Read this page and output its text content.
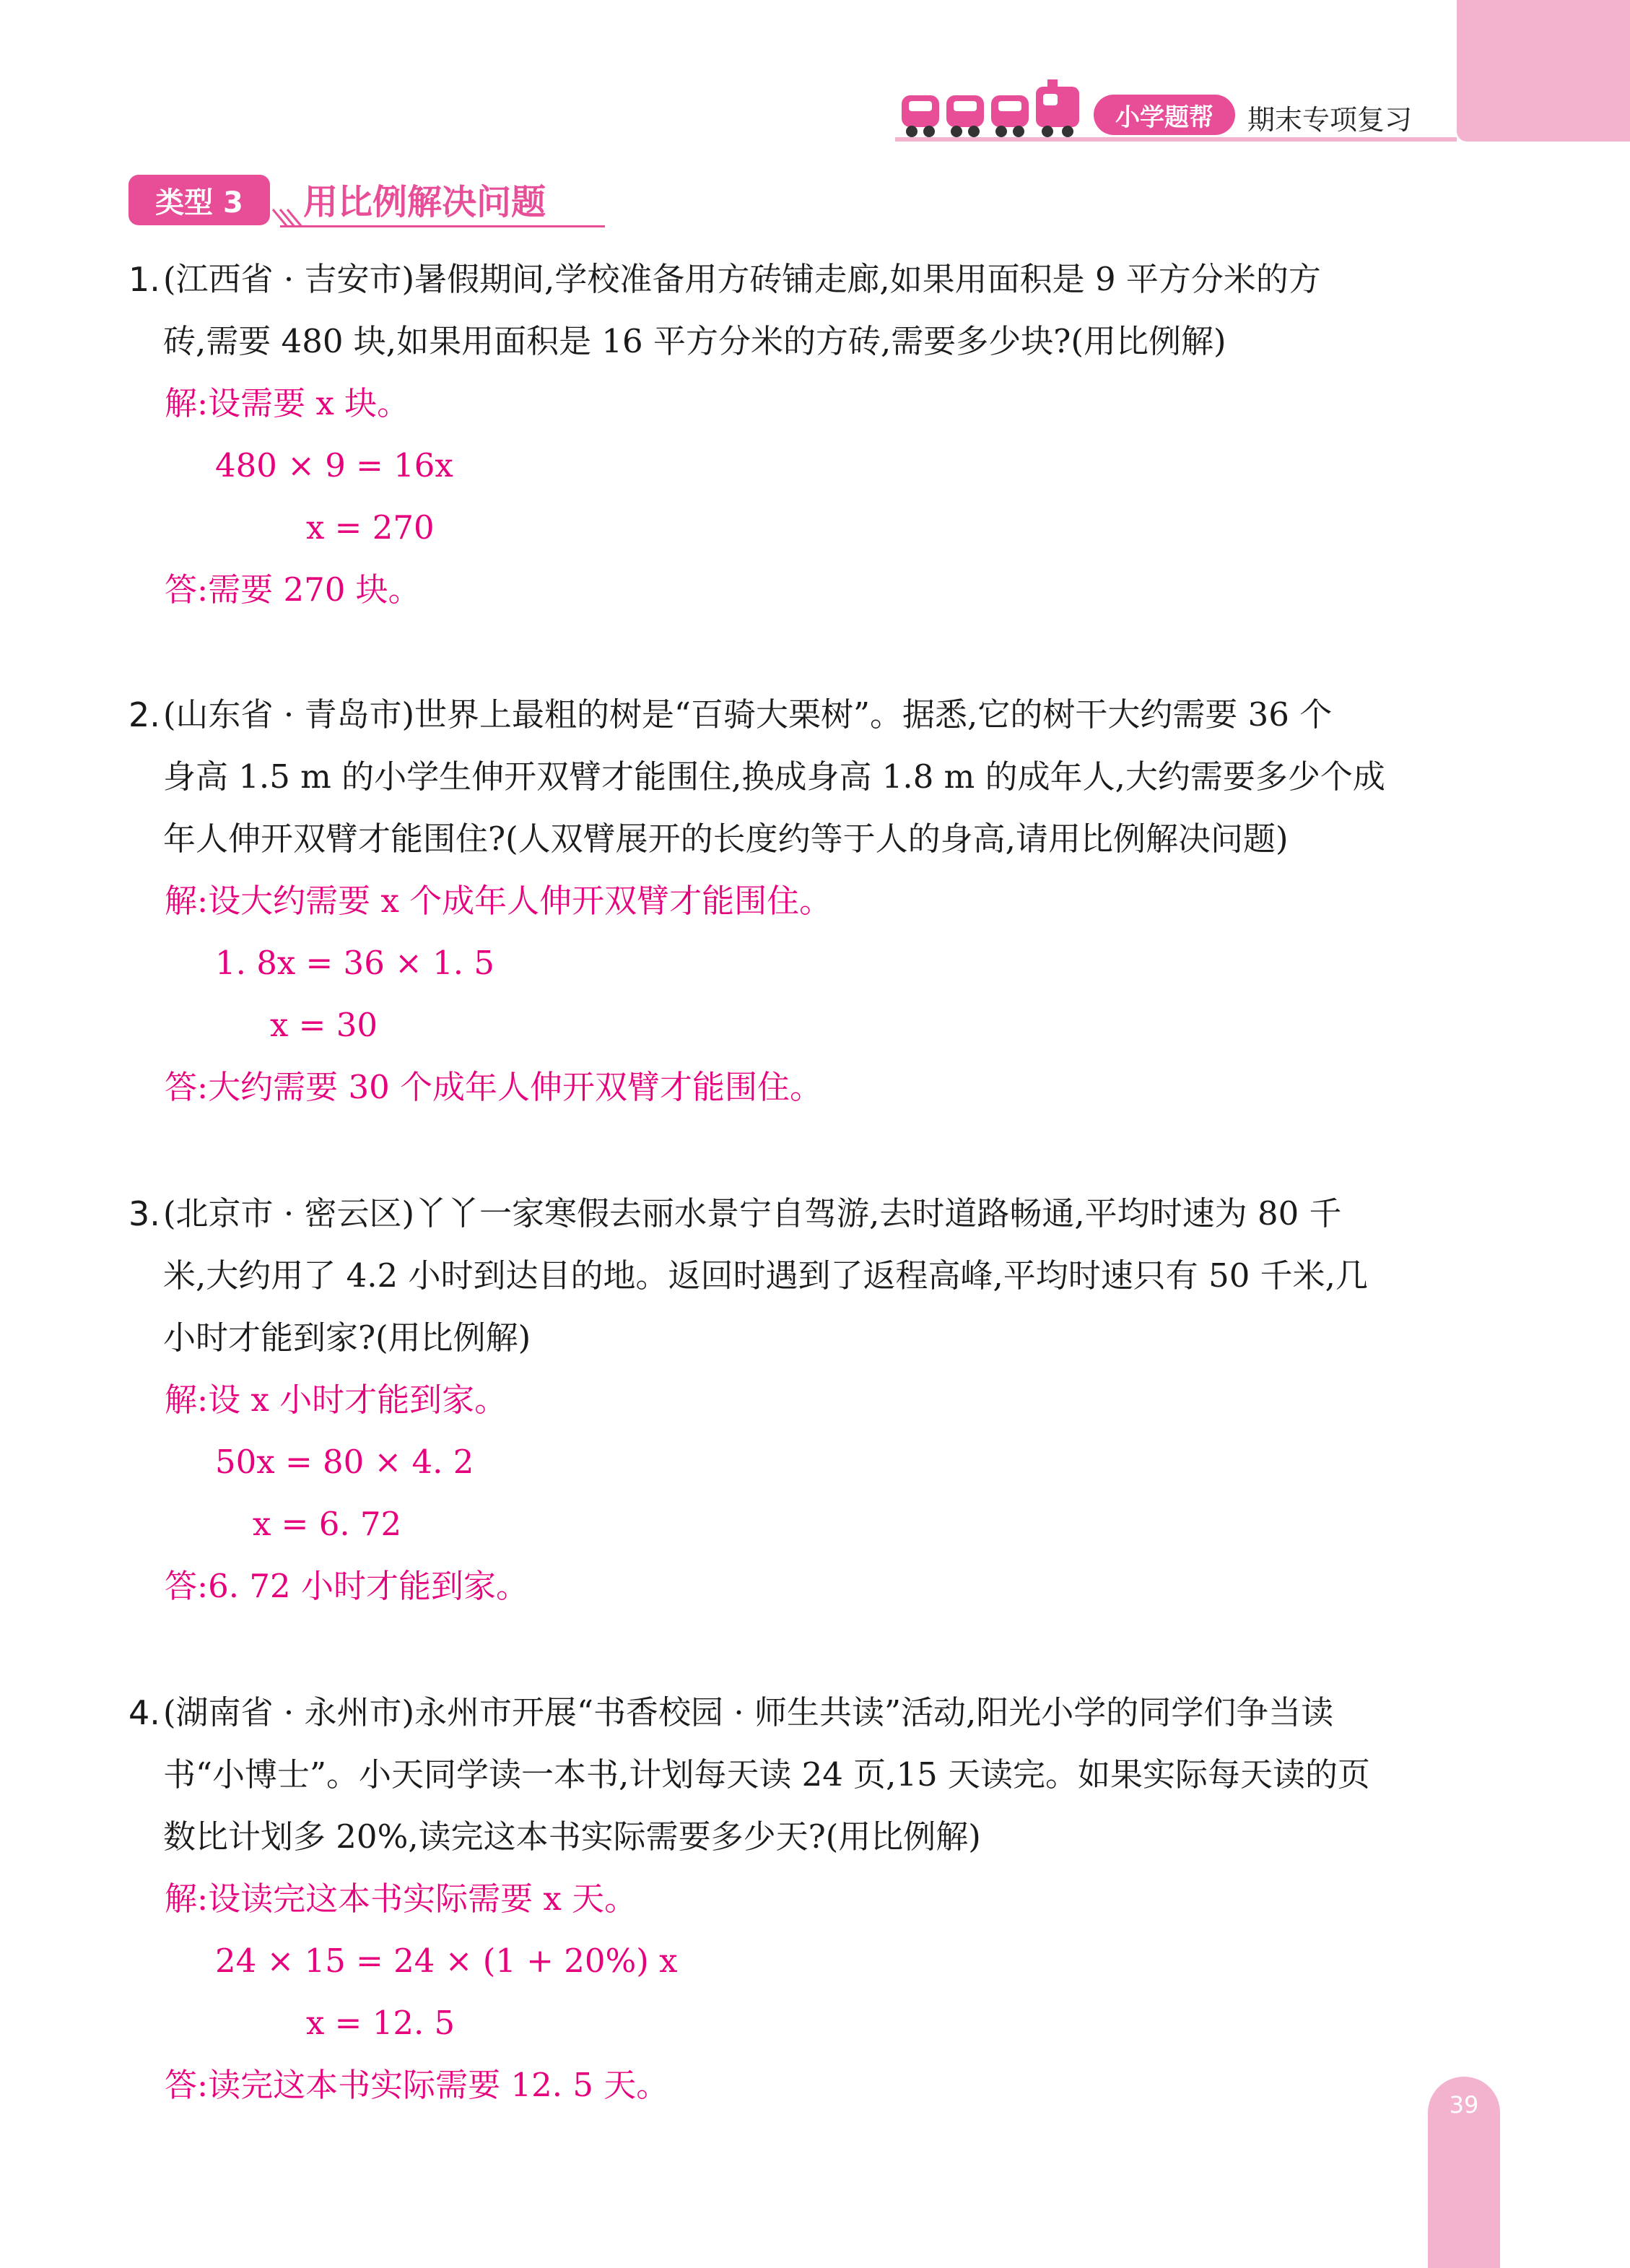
小学题帮	期末专项复习
类型 3	用比例解决问题
1. (江西省 · 吉安市)暑假期间,学校准备用方砖铺走廊,如果用面积是 9 平方分米的方
砖,需要 480 块,如果用面积是 16 平方分米的方砖,需要多少块?(用比例解)
解:设需要 x 块。
480 × 9 = 16x
x = 270
答:需要 270 块。
2. (山东省 · 青岛市)世界上最粗的树是“百骑大栗树”。据悉,它的树干大约需要 36 个
身高 1.5 m 的小学生伸开双臂才能围住,换成身高 1.8 m 的成年人,大约需要多少个成
年人伸开双臂才能围住?(人双臂展开的长度约等于人的身高,请用比例解决问题)
解:设大约需要 x 个成年人伸开双臂才能围住。
1. 8x = 36 × 1. 5
x = 30
答:大约需要 30 个成年人伸开双臂才能围住。
3. (北京市 · 密云区)丫丫一家寒假去丽水景宁自驾游,去时道路畅通,平均时速为 80 千
米,大约用了 4.2 小时到达目的地。返回时遇到了返程高峰,平均时速只有 50 千米,几
小时才能到家?(用比例解)
解:设 x 小时才能到家。
50x = 80 × 4. 2
x = 6. 72
答:6. 72 小时才能到家。
4. (湖南省 · 永州市)永州市开展“书香校园 · 师生共读”活动,阳光小学的同学们争当读
书“小博士”。小天同学读一本书,计划每天读 24 页,15 天读完。如果实际每天读的页
数比计划多 20%,读完这本书实际需要多少天?(用比例解)
解:设读完这本书实际需要 x 天。
24 × 15 = 24 × (1 + 20%) x
x = 12. 5
答:读完这本书实际需要 12. 5 天。
39
